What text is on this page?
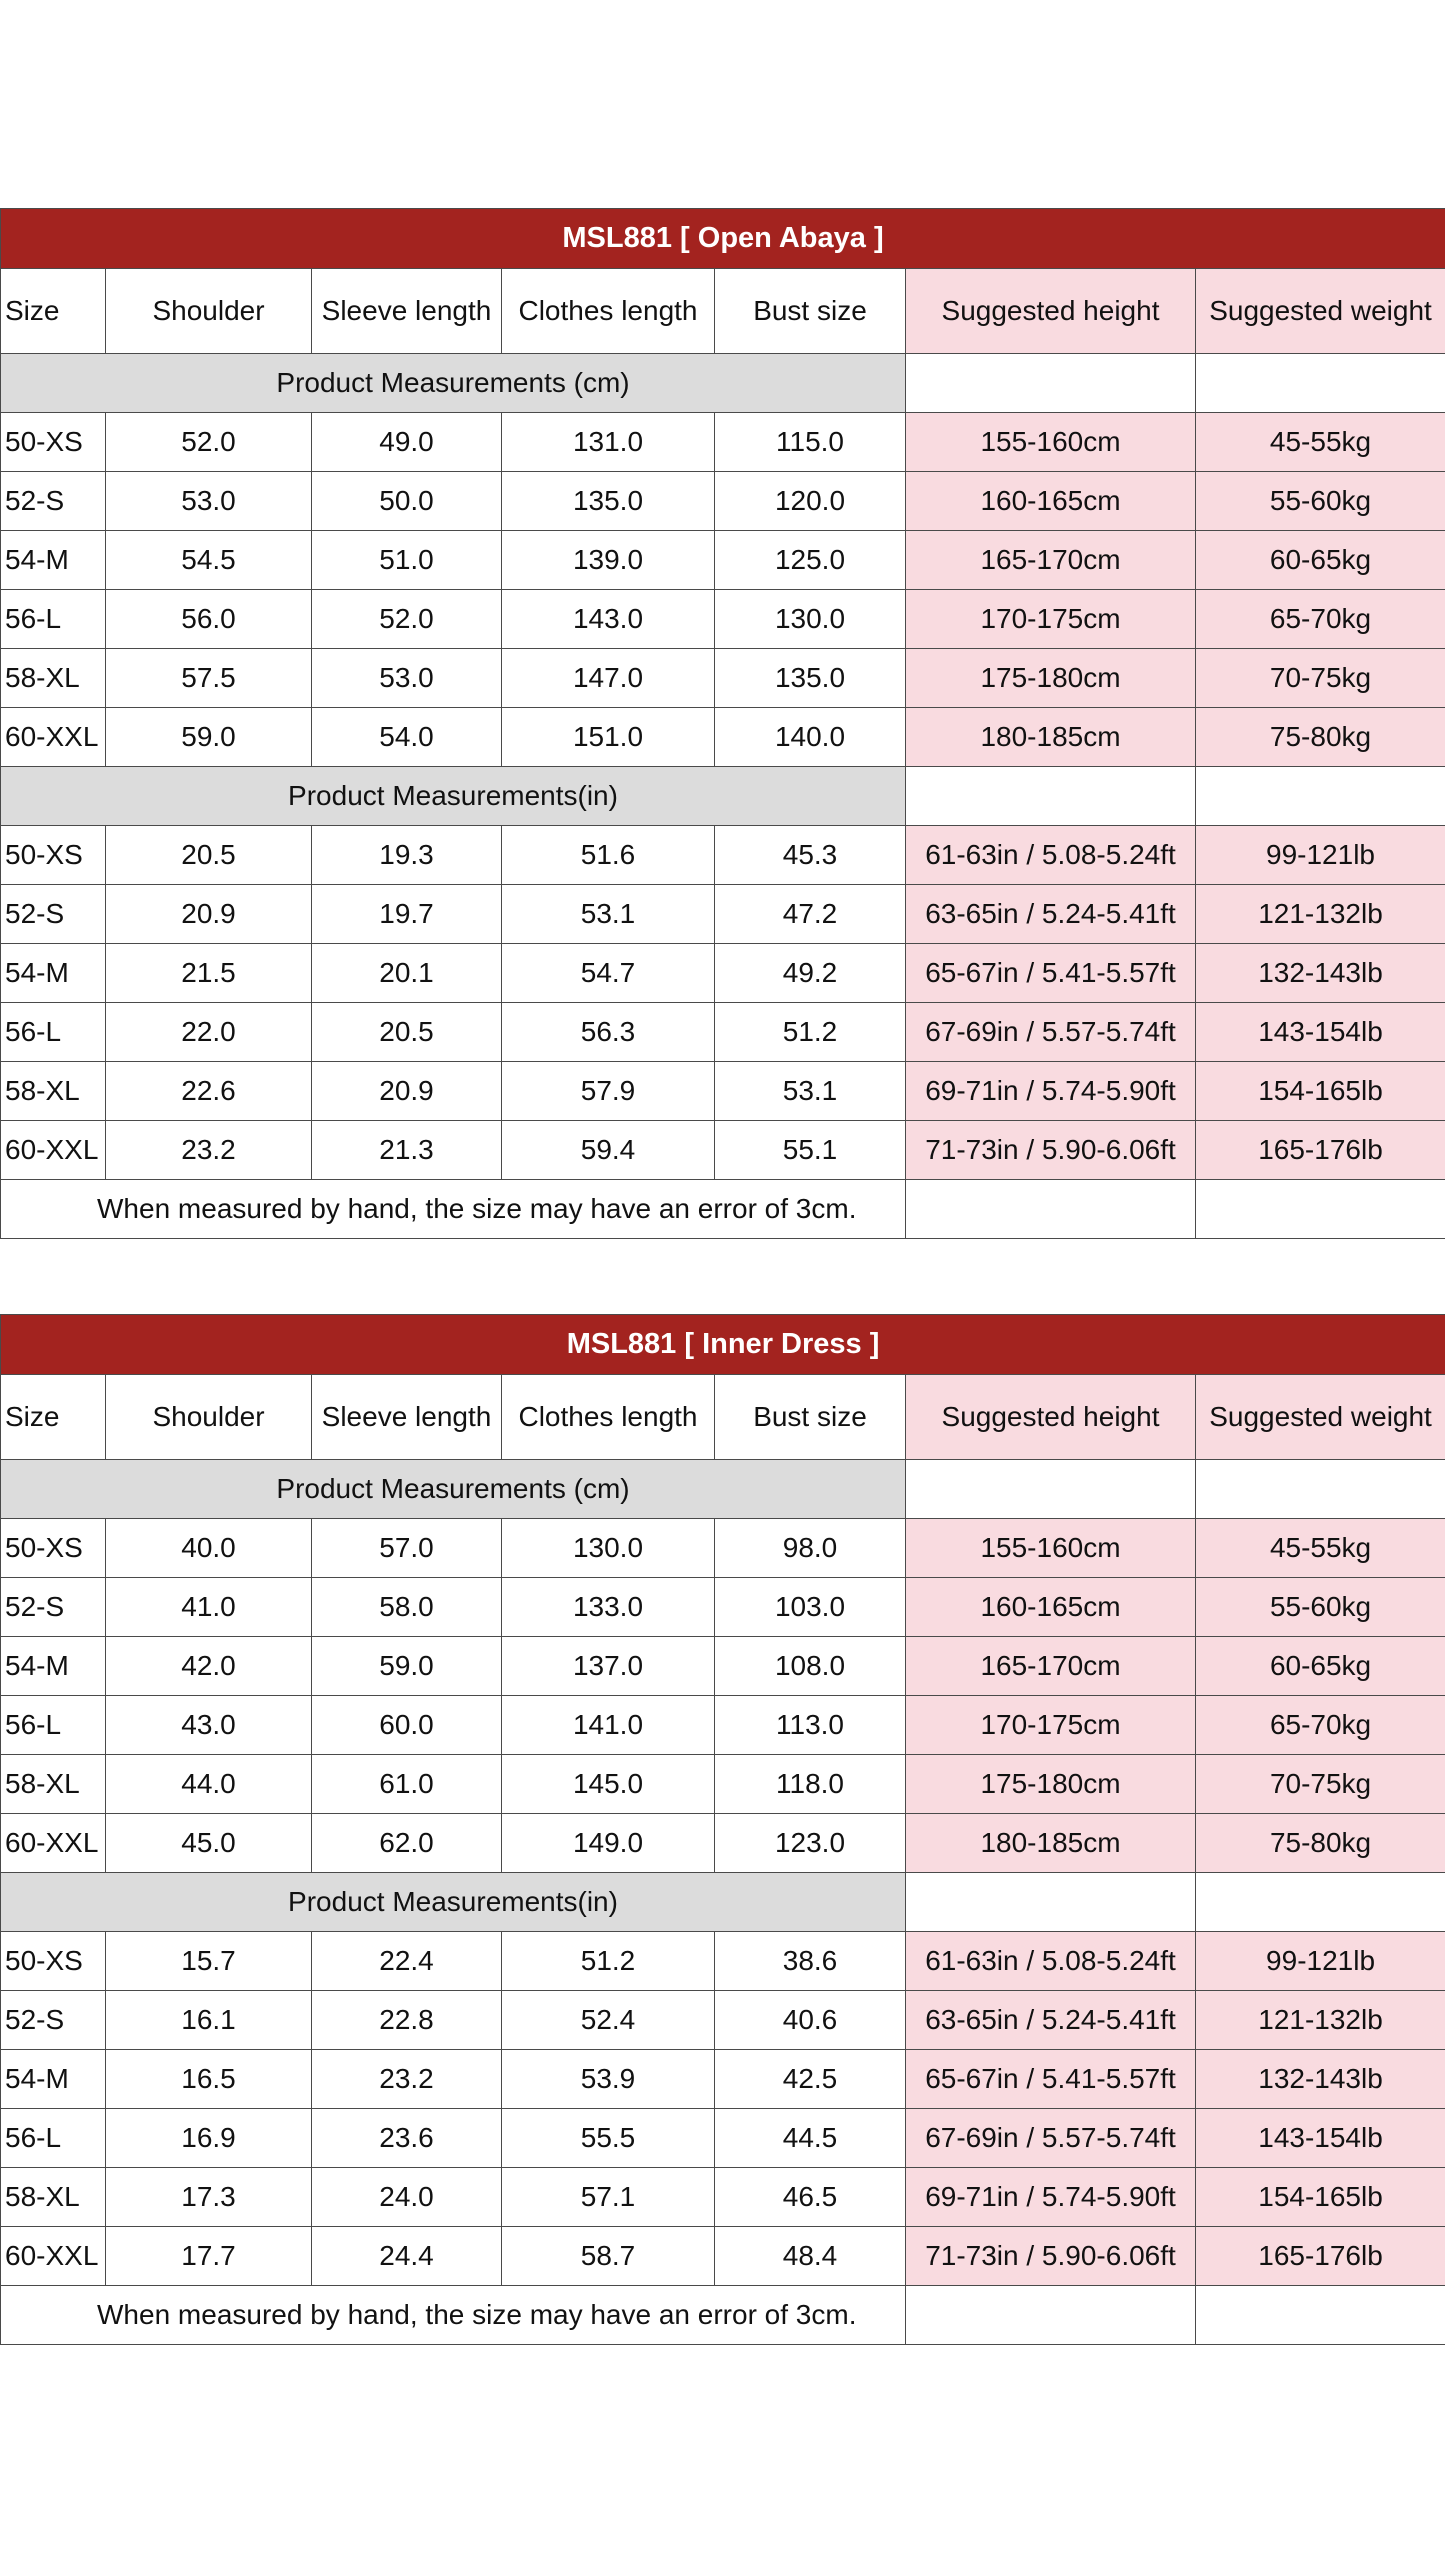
MSL881 [ Open Abaya ]						
Size	Shoulder	Sleeve length	Clothes length	Bust size	Suggested height	Suggested weight
Product Measurements (cm)						
50-XS	52.0	49.0	131.0	115.0	155-160cm	45-55kg
52-S	53.0	50.0	135.0	120.0	160-165cm	55-60kg
54-M	54.5	51.0	139.0	125.0	165-170cm	60-65kg
56-L	56.0	52.0	143.0	130.0	170-175cm	65-70kg
58-XL	57.5	53.0	147.0	135.0	175-180cm	70-75kg
60-XXL	59.0	54.0	151.0	140.0	180-185cm	75-80kg
Product Measurements(in)						
50-XS	20.5	19.3	51.6	45.3	61-63in / 5.08-5.24ft	99-121lb
52-S	20.9	19.7	53.1	47.2	63-65in / 5.24-5.41ft	121-132lb
54-M	21.5	20.1	54.7	49.2	65-67in / 5.41-5.57ft	132-143lb
56-L	22.0	20.5	56.3	51.2	67-69in / 5.57-5.74ft	143-154lb
58-XL	22.6	20.9	57.9	53.1	69-71in / 5.74-5.90ft	154-165lb
60-XXL	23.2	21.3	59.4	55.1	71-73in / 5.90-6.06ft	165-176lb
When measured by hand, the size may have an error of 3cm.						
MSL881 [ Inner Dress ]						
Size	Shoulder	Sleeve length	Clothes length	Bust size	Suggested height	Suggested weight
Product Measurements (cm)						
50-XS	40.0	57.0	130.0	98.0	155-160cm	45-55kg
52-S	41.0	58.0	133.0	103.0	160-165cm	55-60kg
54-M	42.0	59.0	137.0	108.0	165-170cm	60-65kg
56-L	43.0	60.0	141.0	113.0	170-175cm	65-70kg
58-XL	44.0	61.0	145.0	118.0	175-180cm	70-75kg
60-XXL	45.0	62.0	149.0	123.0	180-185cm	75-80kg
Product Measurements(in)						
50-XS	15.7	22.4	51.2	38.6	61-63in / 5.08-5.24ft	99-121lb
52-S	16.1	22.8	52.4	40.6	63-65in / 5.24-5.41ft	121-132lb
54-M	16.5	23.2	53.9	42.5	65-67in / 5.41-5.57ft	132-143lb
56-L	16.9	23.6	55.5	44.5	67-69in / 5.57-5.74ft	143-154lb
58-XL	17.3	24.0	57.1	46.5	69-71in / 5.74-5.90ft	154-165lb
60-XXL	17.7	24.4	58.7	48.4	71-73in / 5.90-6.06ft	165-176lb
When measured by hand, the size may have an error of 3cm.						
